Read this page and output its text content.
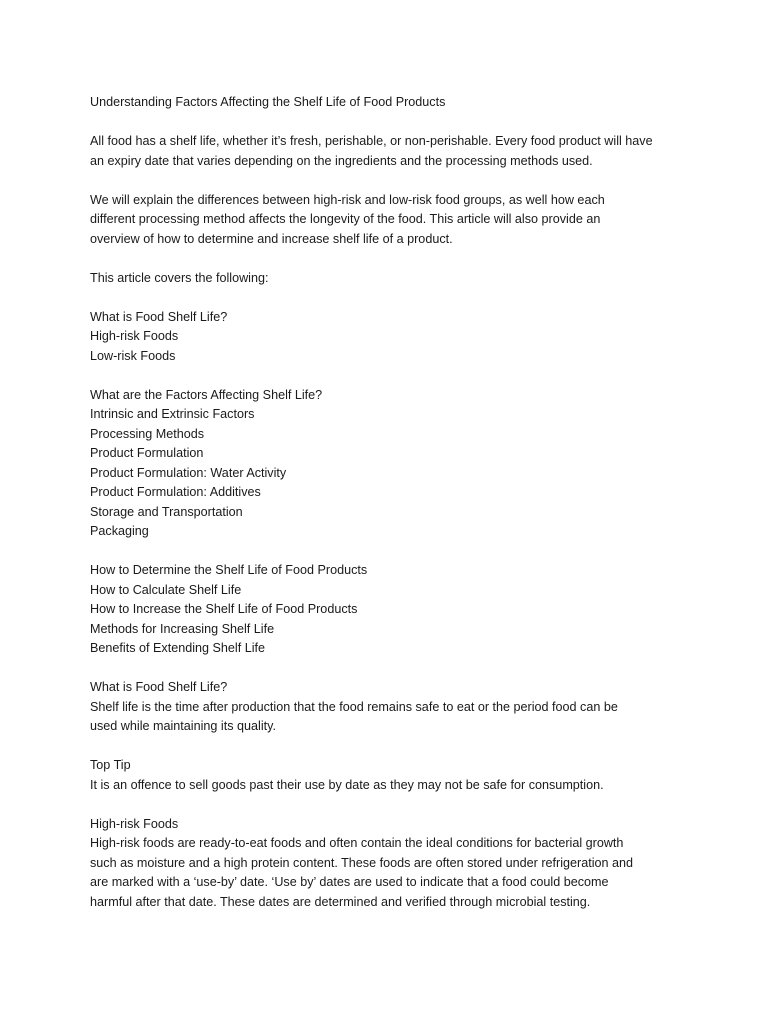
Understanding Factors Affecting the Shelf Life of Food Products
All food has a shelf life, whether it’s fresh, perishable, or non-perishable. Every food product will have
an expiry date that varies depending on the ingredients and the processing methods used.
We will explain the differences between high-risk and low-risk food groups, as well how each
different processing method affects the longevity of the food. This article will also provide an
overview of how to determine and increase shelf life of a product.
This article covers the following:
What is Food Shelf Life?
High-risk Foods
Low-risk Foods
What are the Factors Affecting Shelf Life?
Intrinsic and Extrinsic Factors
Processing Methods
Product Formulation
Product Formulation: Water Activity
Product Formulation: Additives
Storage and Transportation
Packaging
How to Determine the Shelf Life of Food Products
How to Calculate Shelf Life
How to Increase the Shelf Life of Food Products
Methods for Increasing Shelf Life
Benefits of Extending Shelf Life
What is Food Shelf Life?
Shelf life is the time after production that the food remains safe to eat or the period food can be
used while maintaining its quality.
Top Tip
It is an offence to sell goods past their use by date as they may not be safe for consumption.
High-risk Foods
High-risk foods are ready-to-eat foods and often contain the ideal conditions for bacterial growth
such as moisture and a high protein content. These foods are often stored under refrigeration and
are marked with a ‘use-by’ date. ‘Use by’ dates are used to indicate that a food could become
harmful after that date. These dates are determined and verified through microbial testing.
